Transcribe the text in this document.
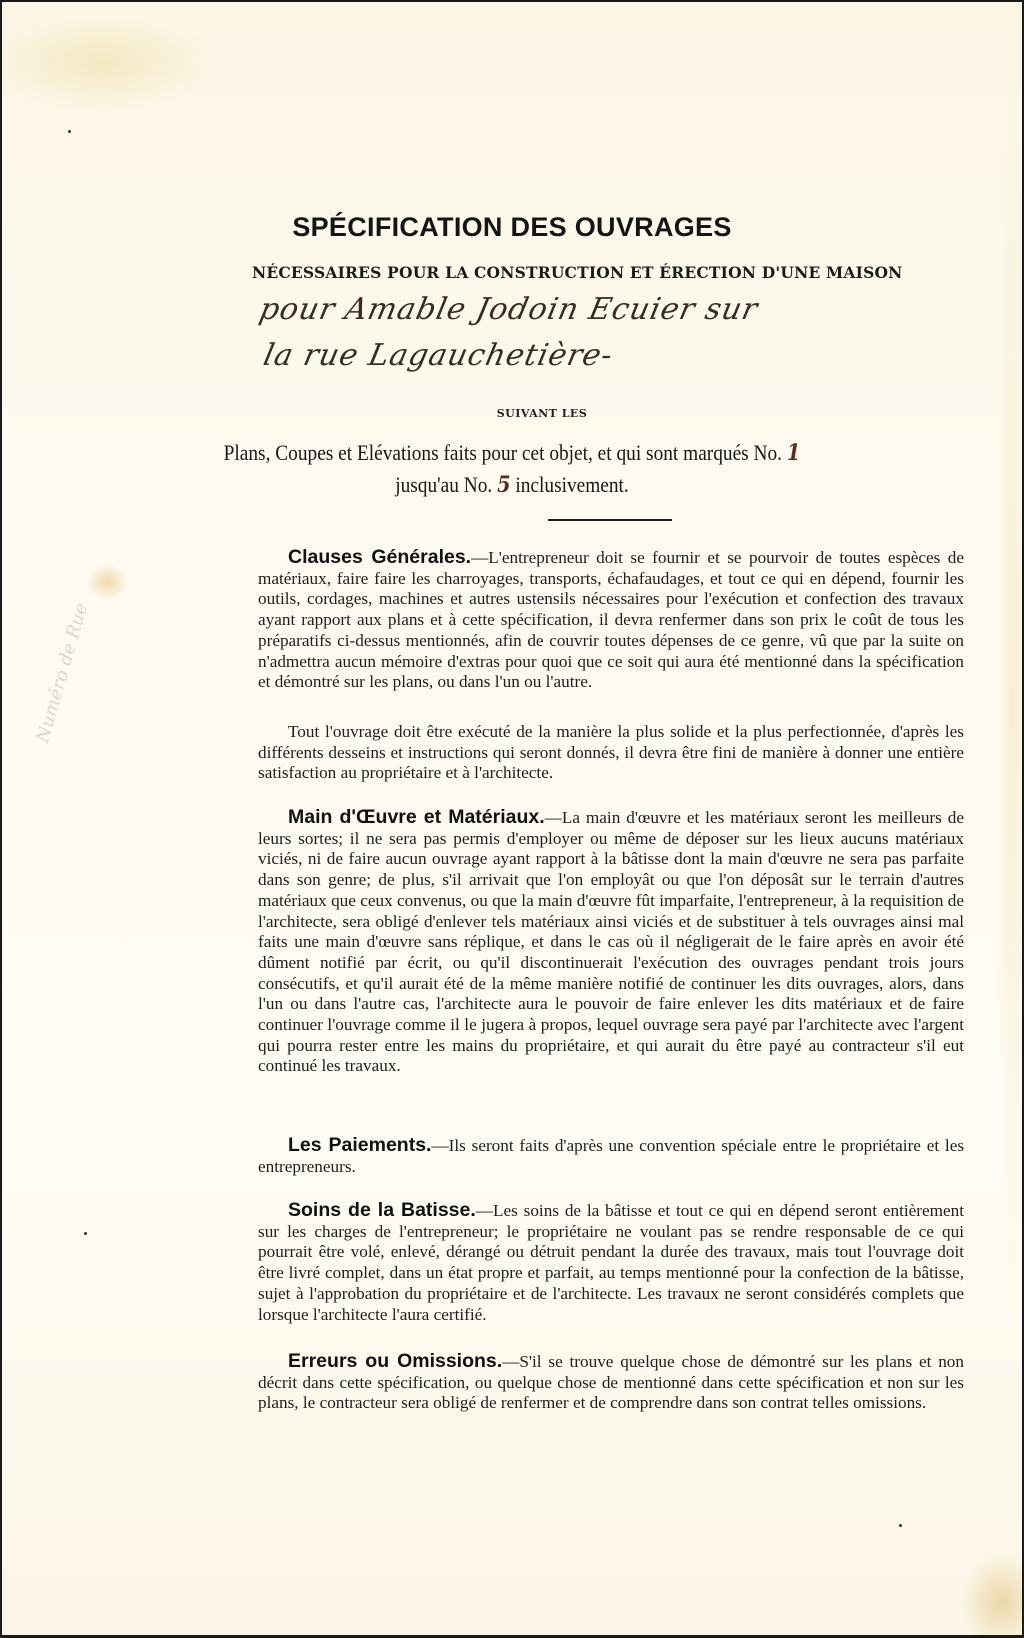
Numéro de Rue
SPÉCIFICATION DES OUVRAGES
NÉCESSAIRES POUR LA CONSTRUCTION ET ÉRECTION D'UNE MAISON
pour Amable Jodoin Ecuier sur
la rue Lagauchetière-
SUIVANT LES
Plans, Coupes et Elévations faits pour cet objet, et qui sont marqués No. 1
jusqu'au No. 5 inclusivement.

Clauses Générales.—L'entrepreneur doit se fournir et se pourvoir de toutes espèces de matériaux, faire faire les charroyages, transports, échafaudages, et tout ce qui en dépend, fournir les outils, cordages, machines et autres ustensils nécessaires pour l'exécution et confection des travaux ayant rapport aux plans et à cette spécification, il devra renfermer dans son prix le coût de tous les préparatifs ci-dessus mentionnés, afin de couvrir toutes dépenses de ce genre, vû que par la suite on n'admettra aucun mémoire d'extras pour quoi que ce soit qui aura été mentionné dans la spécification et démontré sur les plans, ou dans l'un ou l'autre.

Tout l'ouvrage doit être exécuté de la manière la plus solide et la plus perfectionnée, d'après les différents desseins et instructions qui seront donnés, il devra être fini de manière à donner une entière satisfaction au propriétaire et à l'architecte.

Main d'Œuvre et Matériaux.—La main d'œuvre et les matériaux seront les meilleurs de leurs sortes; il ne sera pas permis d'employer ou même de déposer sur les lieux aucuns matériaux viciés, ni de faire aucun ouvrage ayant rapport à la bâtisse dont la main d'œuvre ne sera pas parfaite dans son genre; de plus, s'il arrivait que l'on employât ou que l'on déposât sur le terrain d'autres matériaux que ceux convenus, ou que la main d'œuvre fût imparfaite, l'entrepreneur, à la requisition de l'architecte, sera obligé d'enlever tels matériaux ainsi viciés et de substituer à tels ouvrages ainsi mal faits une main d'œuvre sans réplique, et dans le cas où il négligerait de le faire après en avoir été dûment notifié par écrit, ou qu'il discontinuerait l'exécution des ouvrages pendant trois jours consécutifs, et qu'il aurait été de la même manière notifié de continuer les dits ouvrages, alors, dans l'un ou dans l'autre cas, l'architecte aura le pouvoir de faire enlever les dits matériaux et de faire continuer l'ouvrage comme il le jugera à propos, lequel ouvrage sera payé par l'architecte avec l'argent qui pourra rester entre les mains du propriétaire, et qui aurait du être payé au contracteur s'il eut continué les travaux.

Les Paiements.—Ils seront faits d'après une convention spéciale entre le propriétaire et les entrepreneurs.

Soins de la Batisse.—Les soins de la bâtisse et tout ce qui en dépend seront entièrement sur les charges de l'entrepreneur; le propriétaire ne voulant pas se rendre responsable de ce qui pourrait être volé, enlevé, dérangé ou détruit pendant la durée des travaux, mais tout l'ouvrage doit être livré complet, dans un état propre et parfait, au temps mentionné pour la confection de la bâtisse, sujet à l'approbation du propriétaire et de l'architecte. Les travaux ne seront considérés complets que lorsque l'architecte l'aura certifié.

Erreurs ou Omissions.—S'il se trouve quelque chose de démontré sur les plans et non décrit dans cette spécification, ou quelque chose de mentionné dans cette spécification et non sur les plans, le contracteur sera obligé de renfermer et de comprendre dans son contrat telles omissions.
